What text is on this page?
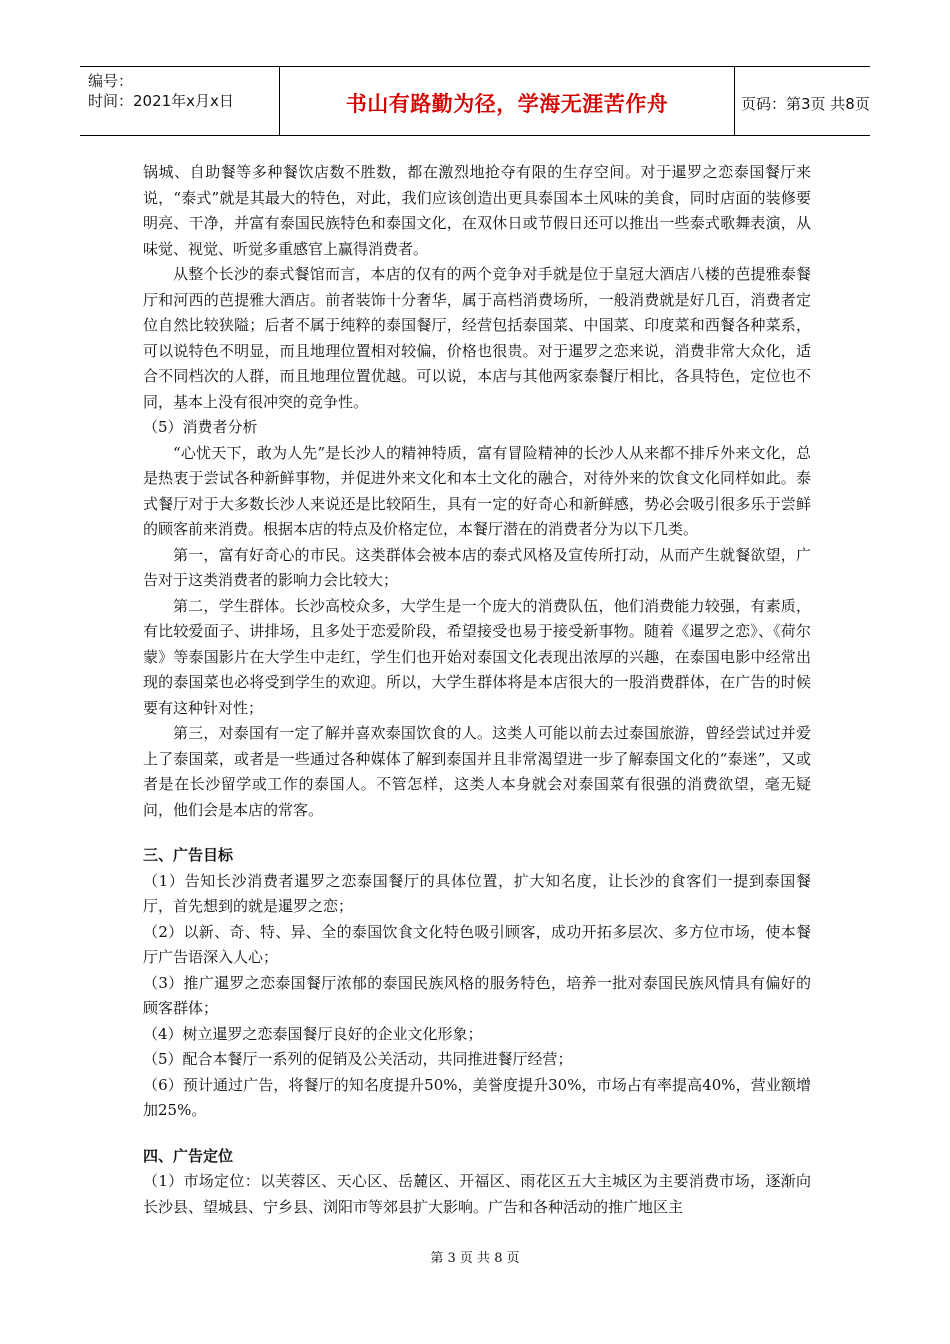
编号：
时间：2021年x月x日	书山有路勤为径，学海无涯苦作舟	页码：第3页 共8页

锅城、自助餐等多种餐饮店数不胜数，都在激烈地抢夺有限的生存空间。对于暹罗之恋泰国餐厅来说，“泰式”就是其最大的特色，对此，我们应该创造出更具泰国本土风味的美食，同时店面的装修要明亮、干净，并富有泰国民族特色和泰国文化，在双休日或节假日还可以推出一些泰式歌舞表演，从味觉、视觉、听觉多重感官上赢得消费者。

从整个长沙的泰式餐馆而言，本店的仅有的两个竞争对手就是位于皇冠大酒店八楼的芭提雅泰餐厅和河西的芭提雅大酒店。前者装饰十分奢华，属于高档消费场所，一般消费就是好几百，消费者定位自然比较狭隘；后者不属于纯粹的泰国餐厅，经营包括泰国菜、中国菜、印度菜和西餐各种菜系，可以说特色不明显，而且地理位置相对较偏，价格也很贵。对于暹罗之恋来说，消费非常大众化，适合不同档次的人群，而且地理位置优越。可以说，本店与其他两家泰餐厅相比，各具特色，定位也不同，基本上没有很冲突的竞争性。

（5）消费者分析

“心忧天下，敢为人先”是长沙人的精神特质，富有冒险精神的长沙人从来都不排斥外来文化，总是热衷于尝试各种新鲜事物，并促进外来文化和本土文化的融合，对待外来的饮食文化同样如此。泰式餐厅对于大多数长沙人来说还是比较陌生，具有一定的好奇心和新鲜感，势必会吸引很多乐于尝鲜的顾客前来消费。根据本店的特点及价格定位，本餐厅潜在的消费者分为以下几类。

第一，富有好奇心的市民。这类群体会被本店的泰式风格及宣传所打动，从而产生就餐欲望，广告对于这类消费者的影响力会比较大；

第二，学生群体。长沙高校众多，大学生是一个庞大的消费队伍，他们消费能力较强，有素质，有比较爱面子、讲排场，且多处于恋爱阶段，希望接受也易于接受新事物。随着《暹罗之恋》、《荷尔蒙》等泰国影片在大学生中走红，学生们也开始对泰国文化表现出浓厚的兴趣，在泰国电影中经常出现的泰国菜也必将受到学生的欢迎。所以，大学生群体将是本店很大的一股消费群体，在广告的时候要有这种针对性；

第三，对泰国有一定了解并喜欢泰国饮食的人。这类人可能以前去过泰国旅游，曾经尝试过并爱上了泰国菜，或者是一些通过各种媒体了解到泰国并且非常渴望进一步了解泰国文化的“泰迷”，又或者是在长沙留学或工作的泰国人。不管怎样，这类人本身就会对泰国菜有很强的消费欲望，毫无疑问，他们会是本店的常客。

三、广告目标

（1）告知长沙消费者暹罗之恋泰国餐厅的具体位置，扩大知名度，让长沙的食客们一提到泰国餐厅，首先想到的就是暹罗之恋；

（2）以新、奇、特、异、全的泰国饮食文化特色吸引顾客，成功开拓多层次、多方位市场，使本餐厅广告语深入人心；

（3）推广暹罗之恋泰国餐厅浓郁的泰国民族风格的服务特色，培养一批对泰国民族风情具有偏好的顾客群体；

（4）树立暹罗之恋泰国餐厅良好的企业文化形象；

（5）配合本餐厅一系列的促销及公关活动，共同推进餐厅经营；

（6）预计通过广告，将餐厅的知名度提升50%，美誉度提升30%，市场占有率提高40%，营业额增加25%。

四、广告定位

（1）市场定位：以芙蓉区、天心区、岳麓区、开福区、雨花区五大主城区为主要消费市场，逐渐向长沙县、望城县、宁乡县、浏阳市等郊县扩大影响。广告和各种活动的推广地区主

第 3 页 共 8 页
